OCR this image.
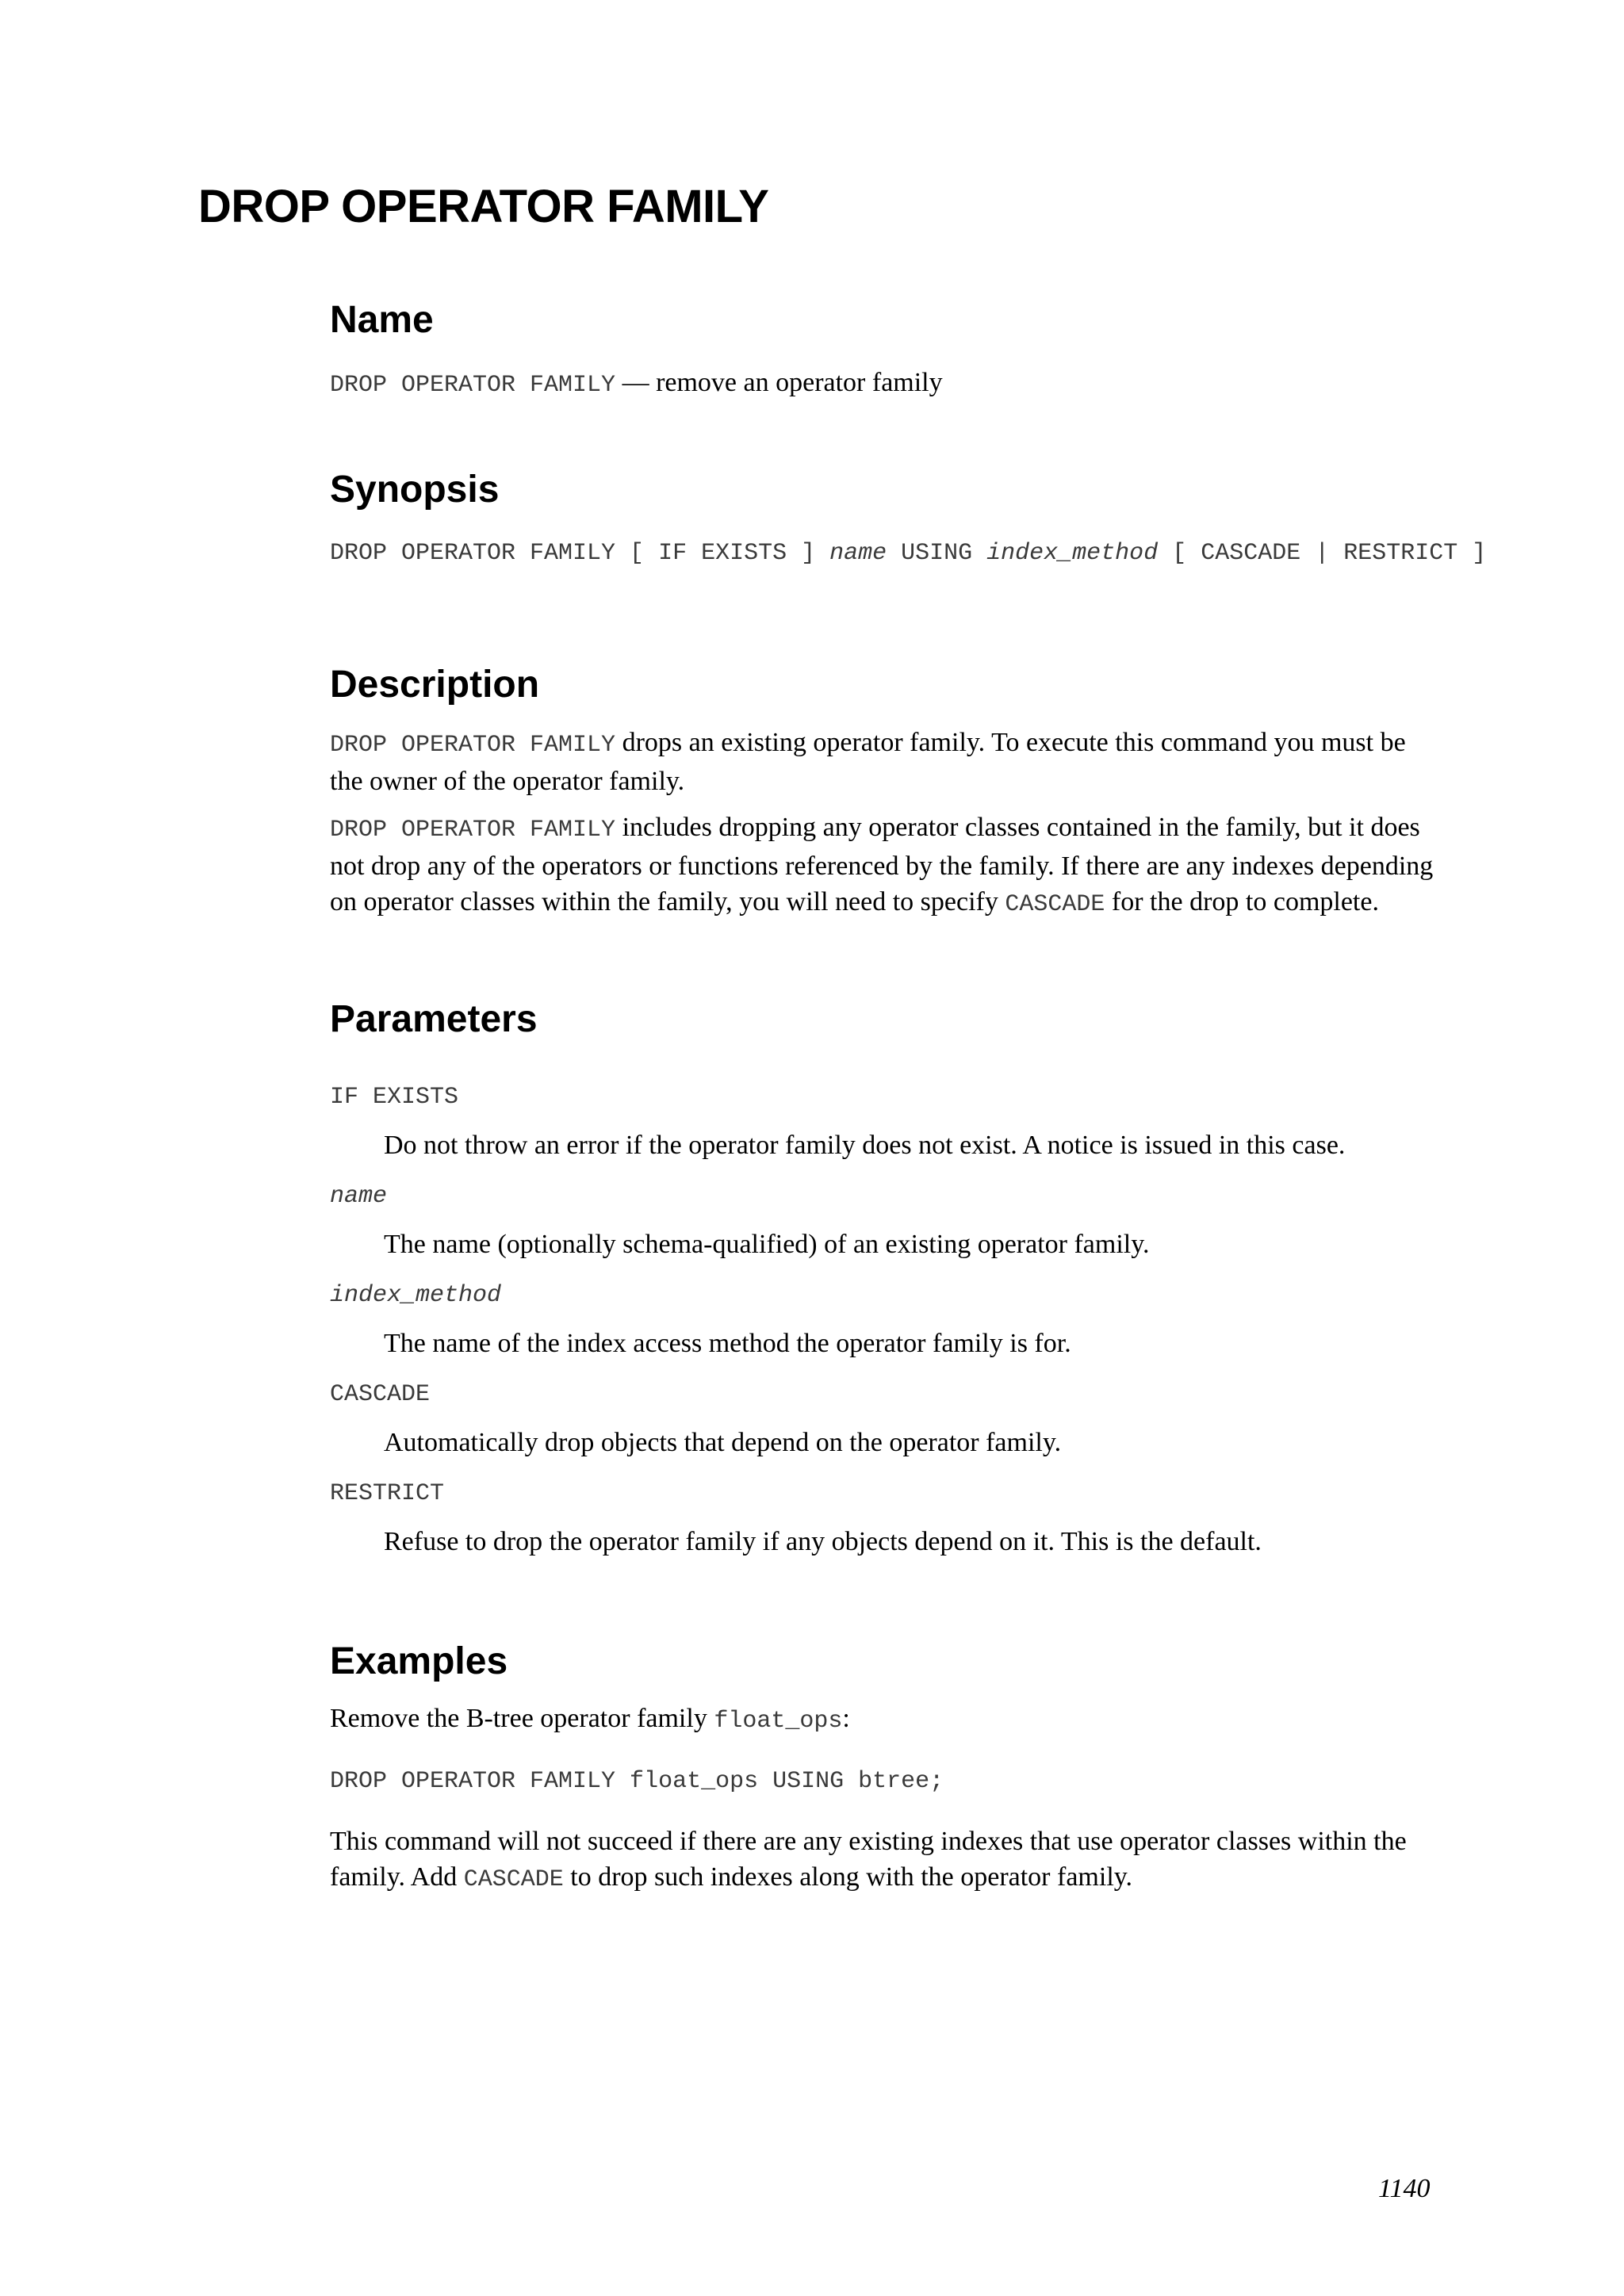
DROP OPERATOR FAMILY
Name
DROP OPERATOR FAMILY — remove an operator family
Synopsis
DROP OPERATOR FAMILY [ IF EXISTS ] name USING index_method [ CASCADE | RESTRICT ]
Description
DROP OPERATOR FAMILY drops an existing operator family. To execute this command you must be the owner of the operator family.
DROP OPERATOR FAMILY includes dropping any operator classes contained in the family, but it does not drop any of the operators or functions referenced by the family. If there are any indexes depending on operator classes within the family, you will need to specify CASCADE for the drop to complete.
Parameters
IF EXISTS
Do not throw an error if the operator family does not exist. A notice is issued in this case.
name
The name (optionally schema-qualified) of an existing operator family.
index_method
The name of the index access method the operator family is for.
CASCADE
Automatically drop objects that depend on the operator family.
RESTRICT
Refuse to drop the operator family if any objects depend on it. This is the default.
Examples
Remove the B-tree operator family float_ops:
DROP OPERATOR FAMILY float_ops USING btree;
This command will not succeed if there are any existing indexes that use operator classes within the family. Add CASCADE to drop such indexes along with the operator family.
1140
